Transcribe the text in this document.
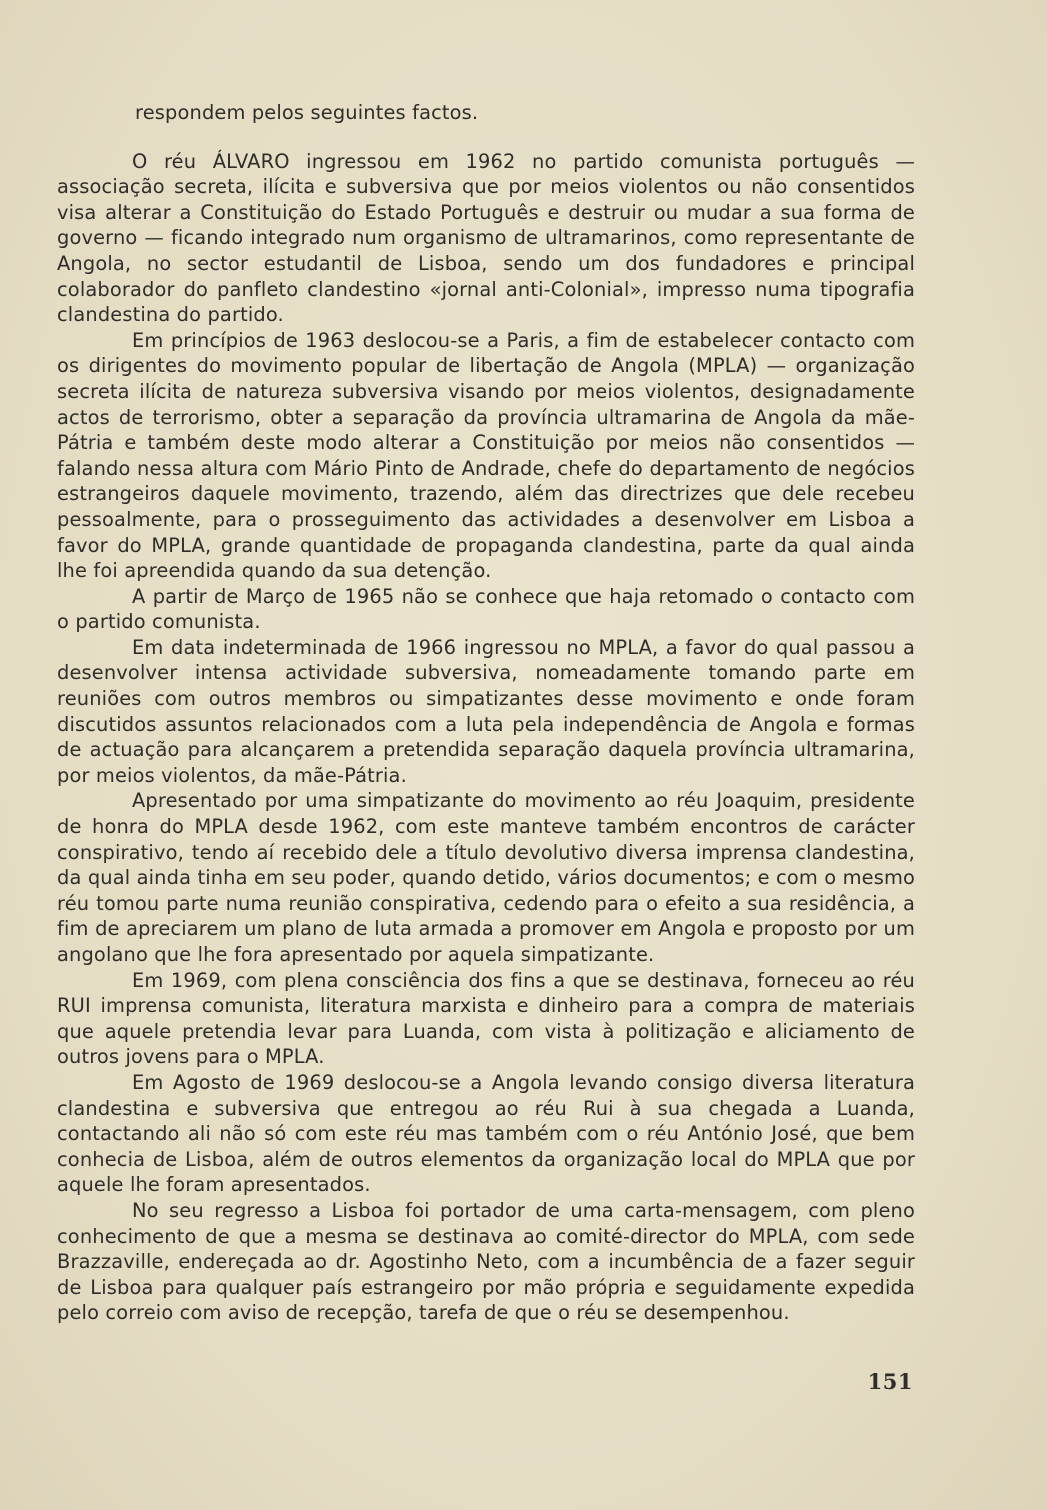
respondem pelos seguintes factos.

O réu ÁLVARO ingressou em 1962 no partido comunista português — associação secreta, ilícita e subversiva que por meios violentos ou não consentidos visa alterar a Constituição do Estado Português e destruir ou mudar a sua forma de governo — ficando integrado num organismo de ultramarinos, como representante de Angola, no sector estudantil de Lisboa, sendo um dos fundadores e principal colaborador do panfleto clandestino «jornal anti-Colonial», impresso numa tipografia clandestina do partido.

Em princípios de 1963 deslocou-se a Paris, a fim de estabelecer contacto com os dirigentes do movimento popular de libertação de Angola (MPLA) — organização secreta ilícita de natureza subversiva visando por meios violentos, designadamente actos de terrorismo, obter a separação da província ultramarina de Angola da mãe-Pátria e também deste modo alterar a Constituição por meios não consentidos — falando nessa altura com Mário Pinto de Andrade, chefe do departamento de negócios estrangeiros daquele movimento, trazendo, além das directrizes que dele recebeu pessoalmente, para o prosseguimento das actividades a desenvolver em Lisboa a favor do MPLA, grande quantidade de propaganda clandestina, parte da qual ainda lhe foi apreendida quando da sua detenção.

A partir de Março de 1965 não se conhece que haja retomado o contacto com o partido comunista.

Em data indeterminada de 1966 ingressou no MPLA, a favor do qual passou a desenvolver intensa actividade subversiva, nomeadamente tomando parte em reuniões com outros membros ou simpatizantes desse movimento e onde foram discutidos assuntos relacionados com a luta pela independência de Angola e formas de actuação para alcançarem a pretendida separação daquela província ultramarina, por meios violentos, da mãe-Pátria.

Apresentado por uma simpatizante do movimento ao réu Joaquim, presidente de honra do MPLA desde 1962, com este manteve também encontros de carácter conspirativo, tendo aí recebido dele a título devolutivo diversa imprensa clandestina, da qual ainda tinha em seu poder, quando detido, vários documentos; e com o mesmo réu tomou parte numa reunião conspirativa, cedendo para o efeito a sua residência, a fim de apreciarem um plano de luta armada a promover em Angola e proposto por um angolano que lhe fora apresentado por aquela simpatizante.

Em 1969, com plena consciência dos fins a que se destinava, forneceu ao réu RUI imprensa comunista, literatura marxista e dinheiro para a compra de materiais que aquele pretendia levar para Luanda, com vista à politização e aliciamento de outros jovens para o MPLA.

Em Agosto de 1969 deslocou-se a Angola levando consigo diversa literatura clandestina e subversiva que entregou ao réu Rui à sua chegada a Luanda, contactando ali não só com este réu mas também com o réu António José, que bem conhecia de Lisboa, além de outros elementos da organização local do MPLA que por aquele lhe foram apresentados.

No seu regresso a Lisboa foi portador de uma carta-mensagem, com pleno conhecimento de que a mesma se destinava ao comité-director do MPLA, com sede Brazzaville, endereçada ao dr. Agostinho Neto, com a incumbência de a fazer seguir de Lisboa para qualquer país estrangeiro por mão própria e seguidamente expedida pelo correio com aviso de recepção, tarefa de que o réu se desempenhou.

151
